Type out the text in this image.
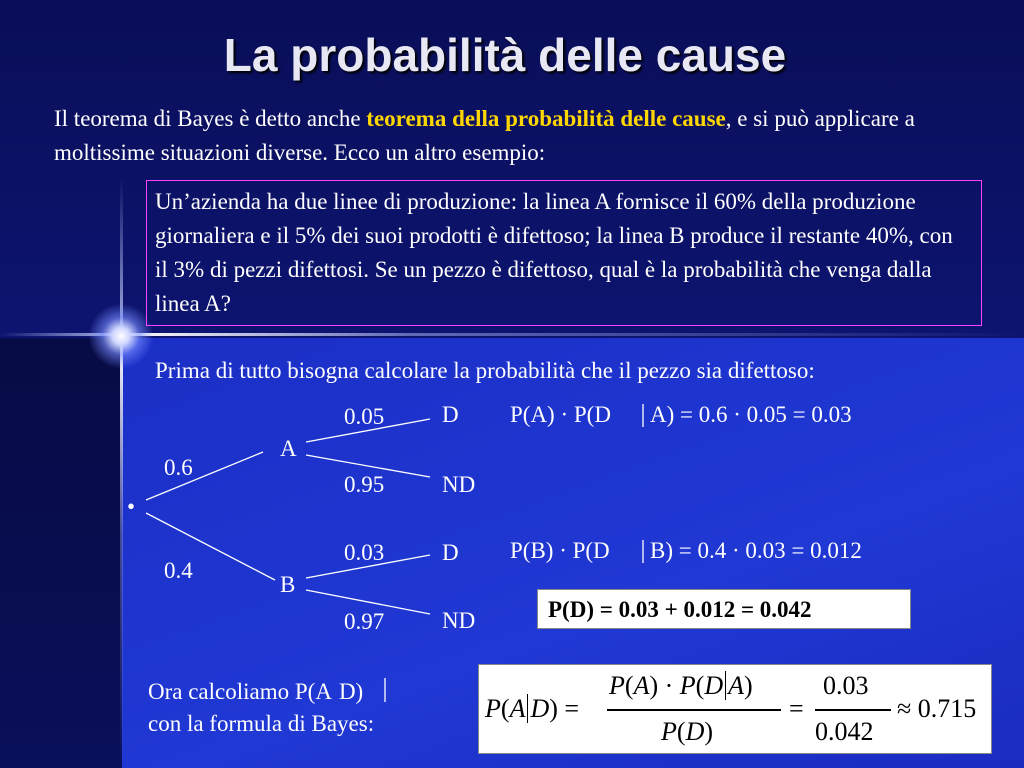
La probabilità delle cause
Il teorema di Bayes è detto anche teorema della probabilità delle cause, e si può applicare a moltissime situazioni diverse. Ecco un altro esempio:
Un’azienda ha due linee di produzione: la linea A fornisce il 60% della produzione giornaliera e il 5% dei suoi prodotti è difettoso; la linea B produce il restante 40%, con il 3% di pezzi difettosi. Se un pezzo è difettoso, qual è la probabilità che venga dalla linea A?
Prima di tutto bisogna calcolare la probabilità che il pezzo sia difettoso:
•
0.6
0.4
A
B
0.05
0.95
0.03
0.97
D
ND
D
ND
P(A) · P(D A) = 0.6 · 0.05 = 0.03
P(B) · P(D B) = 0.4 · 0.03 = 0.012
P(D) = 0.03 + 0.012 = 0.042
Ora calcoliamo P(A D)
con la formula di Bayes:
P(A D) =
P(A) · P(D A)
P(D)
=
0.03
0.042
≈ 0.715
